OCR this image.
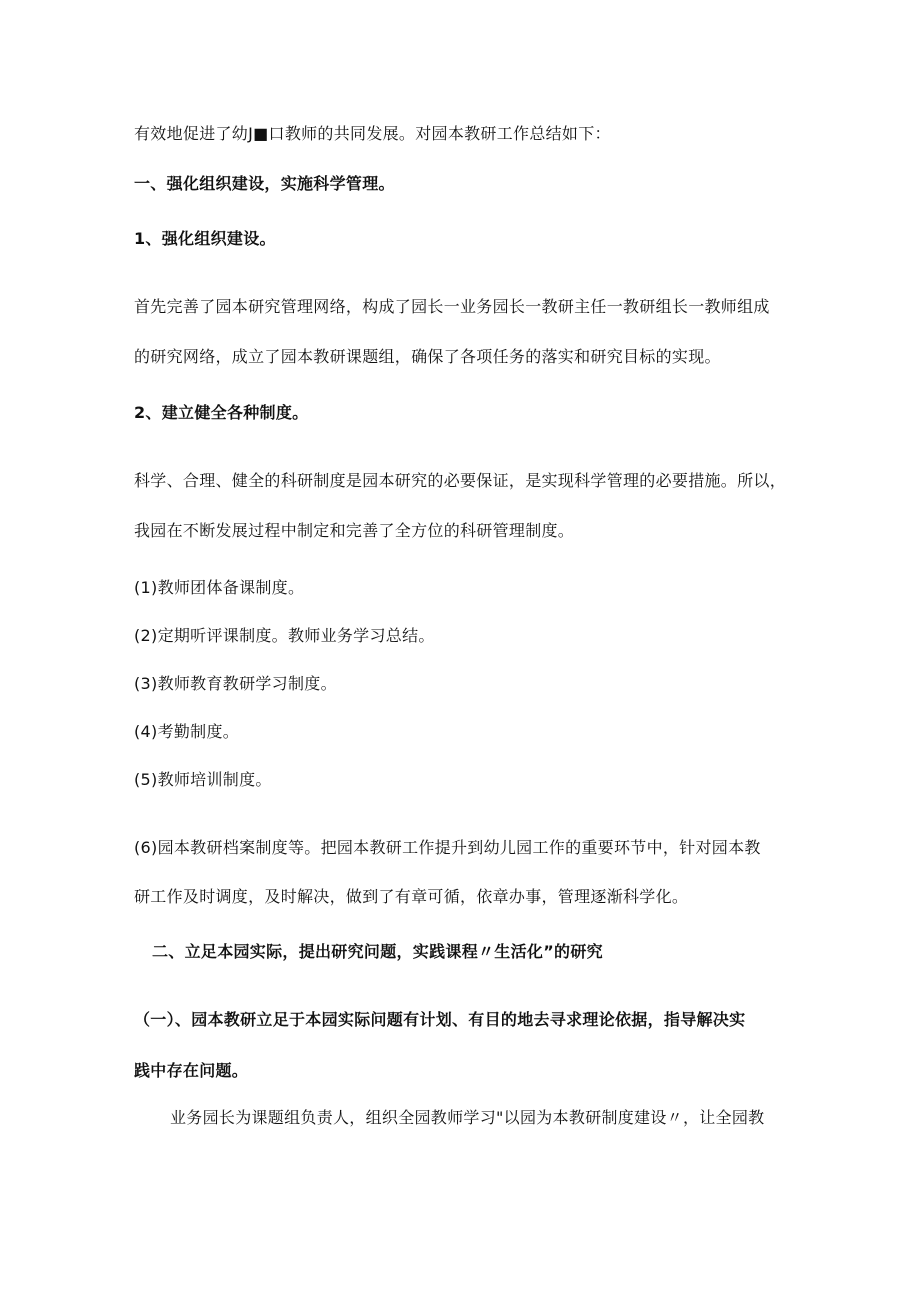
有效地促进了幼J■口教师的共同发展。对园本教研工作总结如下：
一、强化组织建设，实施科学管理。
1、强化组织建设。
首先完善了园本研究管理网络，构成了园长一业务园长一教研主任一教研组长一教师组成
的研究网络，成立了园本教研课题组，确保了各项任务的落实和研究目标的实现。
2、建立健全各种制度。
科学、合理、健全的科研制度是园本研究的必要保证，是实现科学管理的必要措施。所以，
我园在不断发展过程中制定和完善了全方位的科研管理制度。
(1)教师团体备课制度。
(2)定期听评课制度。教师业务学习总结。
(3)教师教育教研学习制度。
(4)考勤制度。
(5)教师培训制度。
(6)园本教研档案制度等。把园本教研工作提升到幼儿园工作的重要环节中，针对园本教
研工作及时调度，及时解决，做到了有章可循，依章办事，管理逐渐科学化。
二、立足本园实际，提出研究问题，实践课程〃生活化”的研究
（一）、园本教研立足于本园实际问题有计划、有目的地去寻求理论依据，指导解决实
践中存在问题。
业务园长为课题组负责人，组织全园教师学习"以园为本教研制度建设〃，让全园教
